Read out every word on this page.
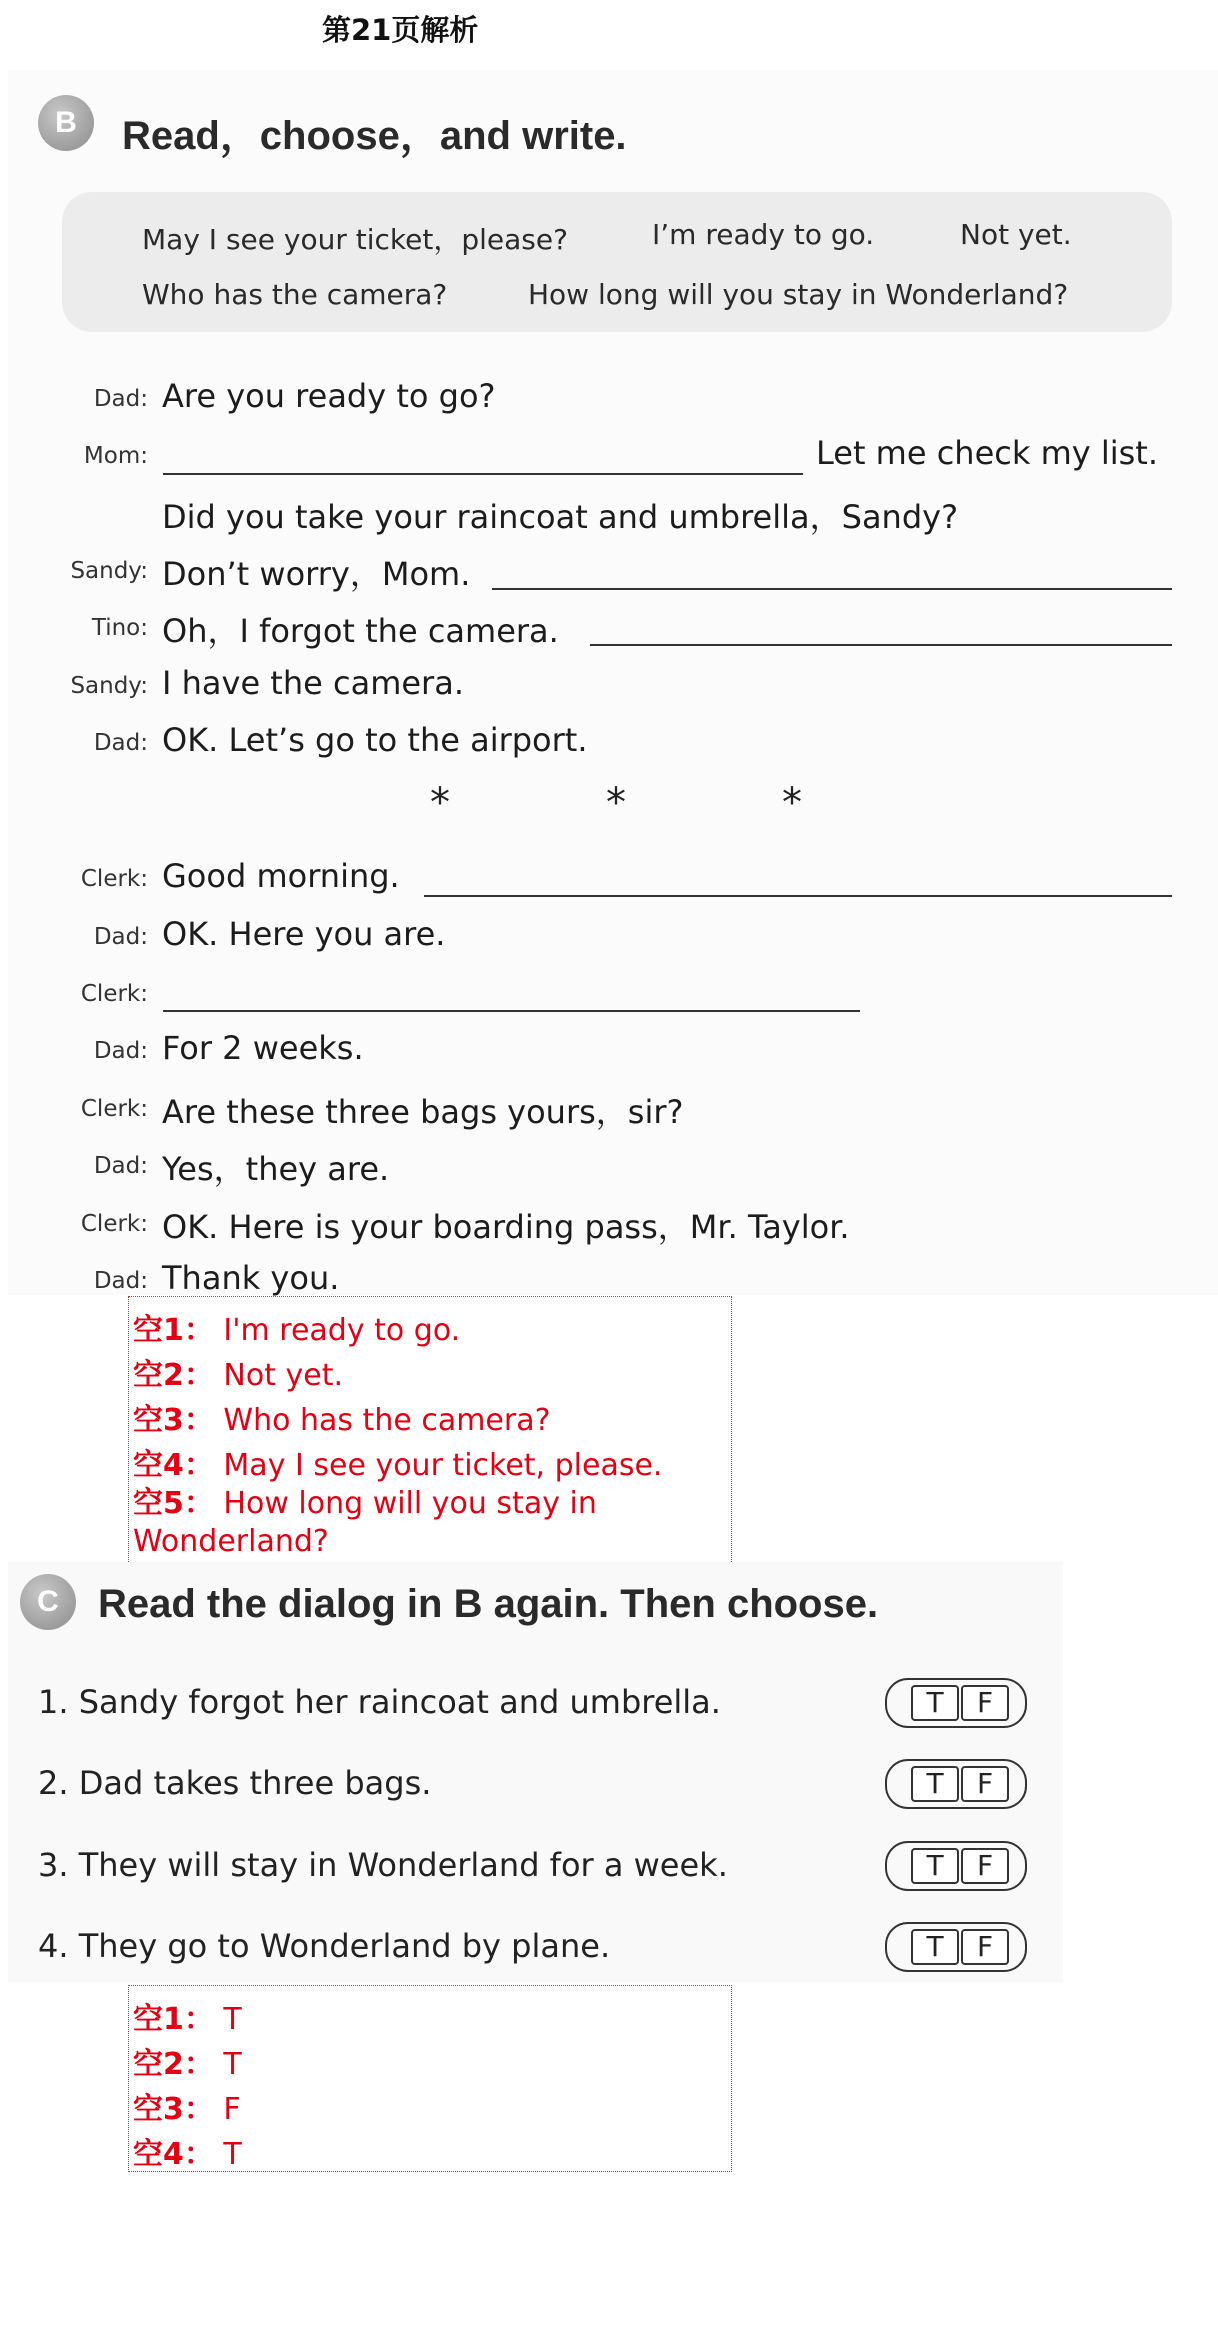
第21页解析
B	Read，choose，and write.
May I see your ticket，please?	I’m ready to go.	Not yet.
Who has the camera?	How long will you stay in Wonderland?
Dad: Are you ready to go?
Mom:	Let me check my list.
Did you take your raincoat and umbrella，Sandy?
Sandy: Don’t worry，Mom.
Tino: Oh，I forgot the camera.
Sandy: I have the camera.
Dad: OK. Let’s go to the airport.
*	*	*
Clerk: Good morning.
Dad: OK. Here you are.
Clerk:
Dad: For 2 weeks.
Clerk: Are these three bags yours，sir?
Dad: Yes，they are.
Clerk: OK. Here is your boarding pass，Mr. Taylor.
Dad: Thank you.
空1： I'm ready to go.
空2： Not yet.
空3： Who has the camera?
空4： May I see your ticket, please.
空5： How long will you stay in Wonderland?
C Read the dialog in B again. Then choose.
1. Sandy forgot her raincoat and umbrella.	T	F
2. Dad takes three bags.	T	F
3. They will stay in Wonderland for a week.	T	F
4. They go to Wonderland by plane.	T	F
空1： T
空2： T
空3： F
空4： T
